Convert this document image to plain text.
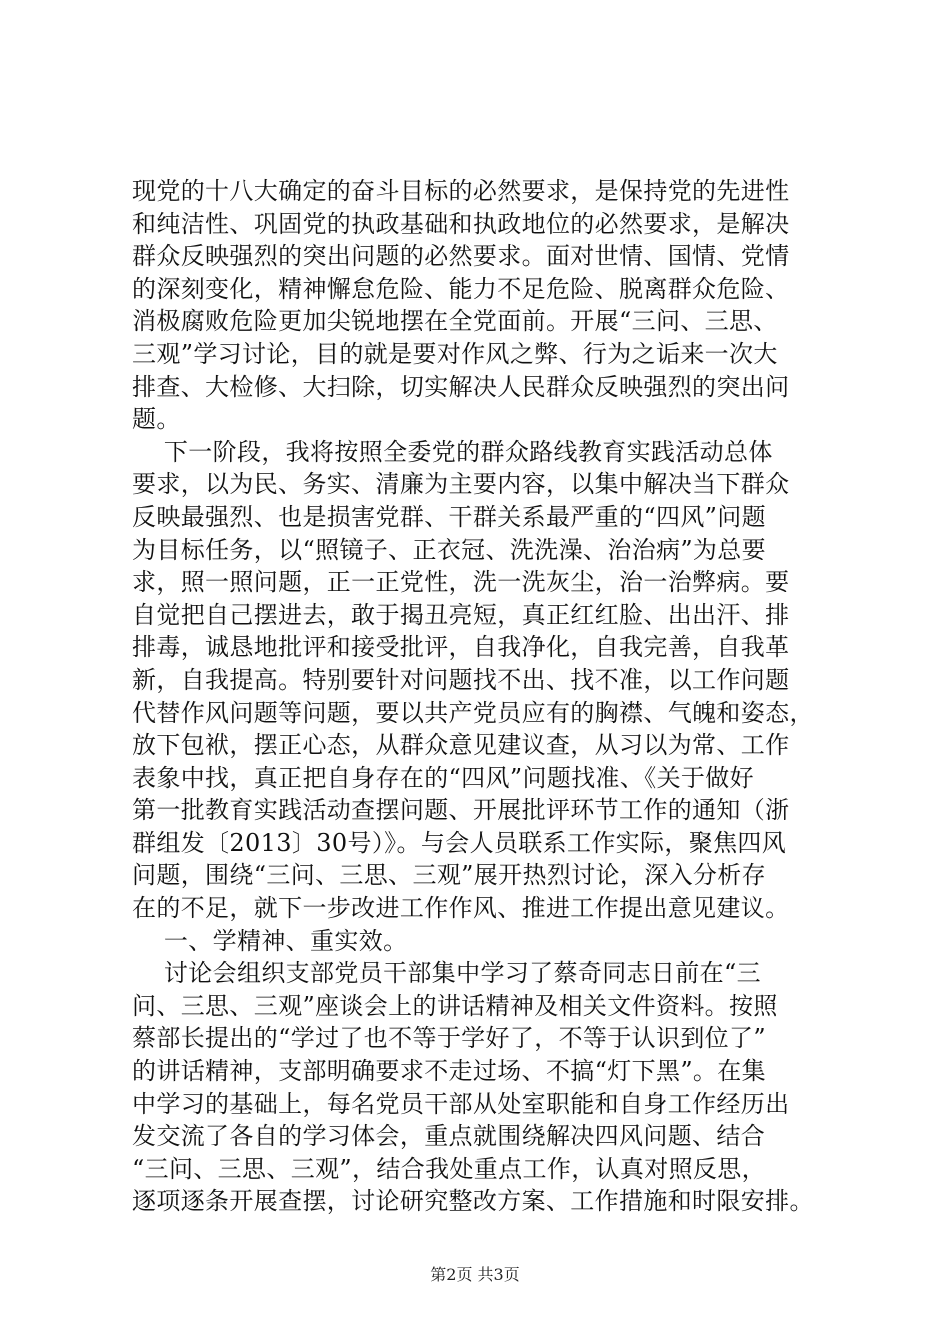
现党的十八大确定的奋斗目标的必然要求，是保持党的先进性
和纯洁性、巩固党的执政基础和执政地位的必然要求，是解决
群众反映强烈的突出问题的必然要求。面对世情、国情、党情
的深刻变化，精神懈怠危险、能力不足危险、脱离群众危险、
消极腐败危险更加尖锐地摆在全党面前。开展“三问、三思、
三观”学习讨论，目的就是要对作风之弊、行为之诟来一次大
排查、大检修、大扫除，切实解决人民群众反映强烈的突出问
题。
下一阶段，我将按照全委党的群众路线教育实践活动总体
要求，以为民、务实、清廉为主要内容，以集中解决当下群众
反映最强烈、也是损害党群、干群关系最严重的“四风”问题
为目标任务，以“照镜子、正衣冠、洗洗澡、治治病”为总要
求，照一照问题，正一正党性，洗一洗灰尘，治一治弊病。要
自觉把自己摆进去，敢于揭丑亮短，真正红红脸、出出汗、排
排毒，诚恳地批评和接受批评，自我净化，自我完善，自我革
新，自我提高。特别要针对问题找不出、找不准，以工作问题
代替作风问题等问题，要以共产党员应有的胸襟、气魄和姿态，
放下包袱，摆正心态，从群众意见建议查，从习以为常、工作
表象中找，真正把自身存在的“四风”问题找准、《关于做好
第一批教育实践活动查摆问题、开展批评环节工作的通知（浙
群组发〔2013〕30号）》。与会人员联系工作实际，聚焦四风
问题，围绕“三问、三思、三观”展开热烈讨论，深入分析存
在的不足，就下一步改进工作作风、推进工作提出意见建议。
一、学精神、重实效。
讨论会组织支部党员干部集中学习了蔡奇同志日前在“三
问、三思、三观”座谈会上的讲话精神及相关文件资料。按照
蔡部长提出的“学过了也不等于学好了，不等于认识到位了”
的讲话精神，支部明确要求不走过场、不搞“灯下黑”。在集
中学习的基础上，每名党员干部从处室职能和自身工作经历出
发交流了各自的学习体会，重点就围绕解决四风问题、结合
“三问、三思、三观”，结合我处重点工作，认真对照反思，
逐项逐条开展查摆，讨论研究整改方案、工作措施和时限安排。
第2页 共3页
